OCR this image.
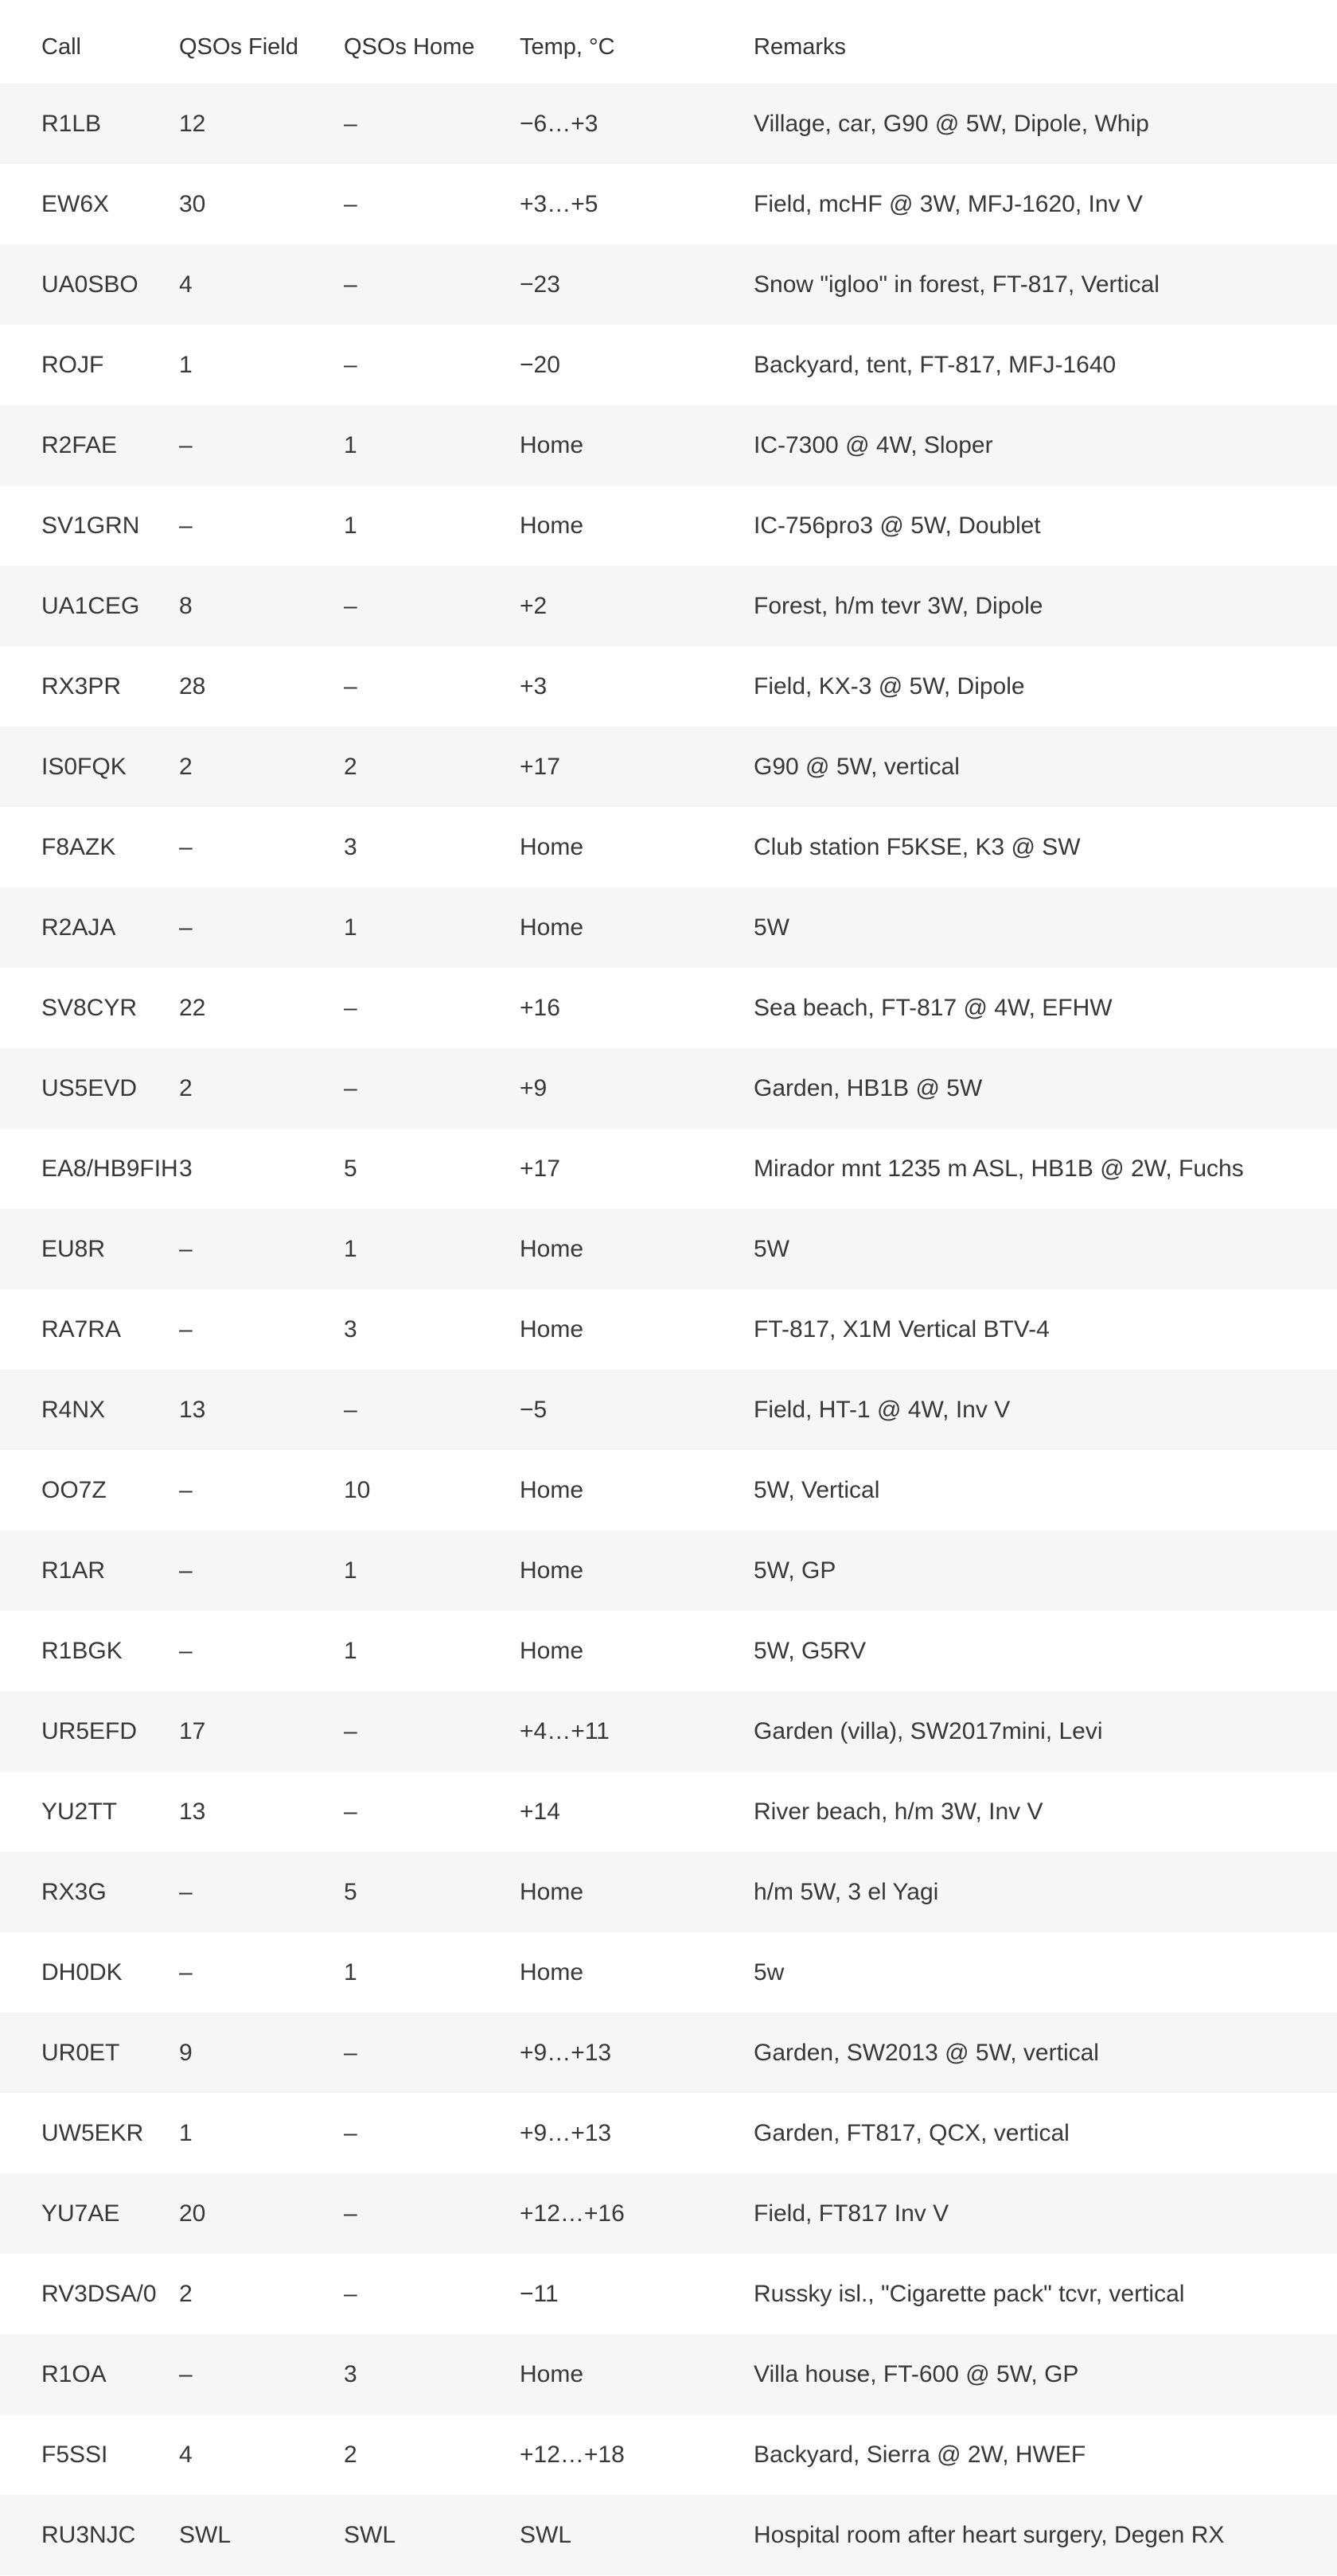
Call	QSOs Field	QSOs Home	Temp, °C	Remarks
R1LB	12	–	−6…+3	Village, car, G90 @ 5W, Dipole, Whip
EW6X	30	–	+3…+5	Field, mcHF @ 3W, MFJ-1620, Inv V
UA0SBO	4	–	−23	Snow "igloo" in forest, FT-817, Vertical
ROJF	1	–	−20	Backyard, tent, FT-817, MFJ-1640
R2FAE	–	1	Home	IC-7300 @ 4W, Sloper
SV1GRN	–	1	Home	IC-756pro3 @ 5W, Doublet
UA1CEG	8	–	+2	Forest, h/m tevr 3W, Dipole
RX3PR	28	–	+3	Field, KX-3 @ 5W, Dipole
IS0FQK	2	2	+17	G90 @ 5W, vertical
F8AZK	–	3	Home	Club station F5KSE, K3 @ SW
R2AJA	–	1	Home	5W
SV8CYR	22	–	+16	Sea beach, FT-817 @ 4W, EFHW
US5EVD	2	–	+9	Garden, HB1B @ 5W
EA8/HB9FIH	3	5	+17	Mirador mnt 1235 m ASL, HB1B @ 2W, Fuchs
EU8R	–	1	Home	5W
RA7RA	–	3	Home	FT-817, X1M Vertical BTV-4
R4NX	13	–	−5	Field, HT-1 @ 4W, Inv V
OO7Z	–	10	Home	5W, Vertical
R1AR	–	1	Home	5W, GP
R1BGK	–	1	Home	5W, G5RV
UR5EFD	17	–	+4…+11	Garden (villa), SW2017mini, Levi
YU2TT	13	–	+14	River beach, h/m 3W, Inv V
RX3G	–	5	Home	h/m 5W, 3 el Yagi
DH0DK	–	1	Home	5w
UR0ET	9	–	+9…+13	Garden, SW2013 @ 5W, vertical
UW5EKR	1	–	+9…+13	Garden, FT817, QCX, vertical
YU7AE	20	–	+12…+16	Field, FT817 Inv V
RV3DSA/0	2	–	−11	Russky isl., "Cigarette pack" tcvr, vertical
R1OA	–	3	Home	Villa house, FT-600 @ 5W, GP
F5SSI	4	2	+12…+18	Backyard, Sierra @ 2W, HWEF
RU3NJC	SWL	SWL	SWL	Hospital room after heart surgery, Degen RX
